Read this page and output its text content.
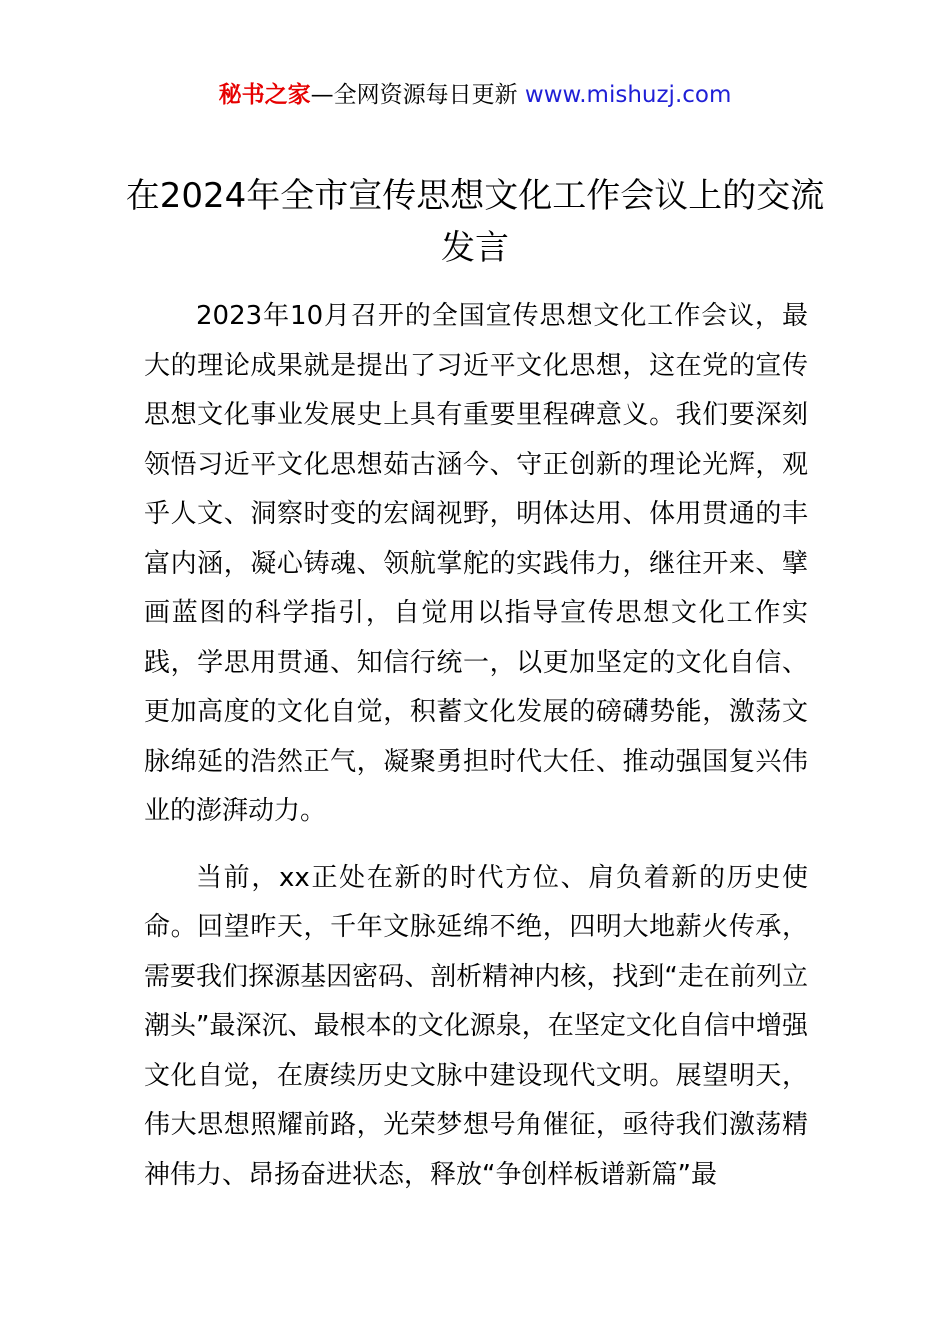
秘书之家—全网资源每日更新 www.mishuzj.com
在2024年全市宣传思想文化工作会议上的交流发言

2023年10月召开的全国宣传思想文化工作会议，最大的理论成果就是提出了习近平文化思想，这在党的宣传思想文化事业发展史上具有重要里程碑意义。我们要深刻领悟习近平文化思想茹古涵今、守正创新的理论光辉，观乎人文、洞察时变的宏阔视野，明体达用、体用贯通的丰富内涵，凝心铸魂、领航掌舵的实践伟力，继往开来、擘画蓝图的科学指引，自觉用以指导宣传思想文化工作实践，学思用贯通、知信行统一，以更加坚定的文化自信、更加高度的文化自觉，积蓄文化发展的磅礴势能，激荡文脉绵延的浩然正气，凝聚勇担时代大任、推动强国复兴伟业的澎湃动力。

当前，xx正处在新的时代方位、肩负着新的历史使命。回望昨天，千年文脉延绵不绝，四明大地薪火传承，需要我们探源基因密码、剖析精神内核，找到“走在前列立潮头”最深沉、最根本的文化源泉，在坚定文化自信中增强文化自觉，在赓续历史文脉中建设现代文明。展望明天，伟大思想照耀前路，光荣梦想号角催征，亟待我们激荡精神伟力、昂扬奋进状态，释放“争创样板谱新篇”最
